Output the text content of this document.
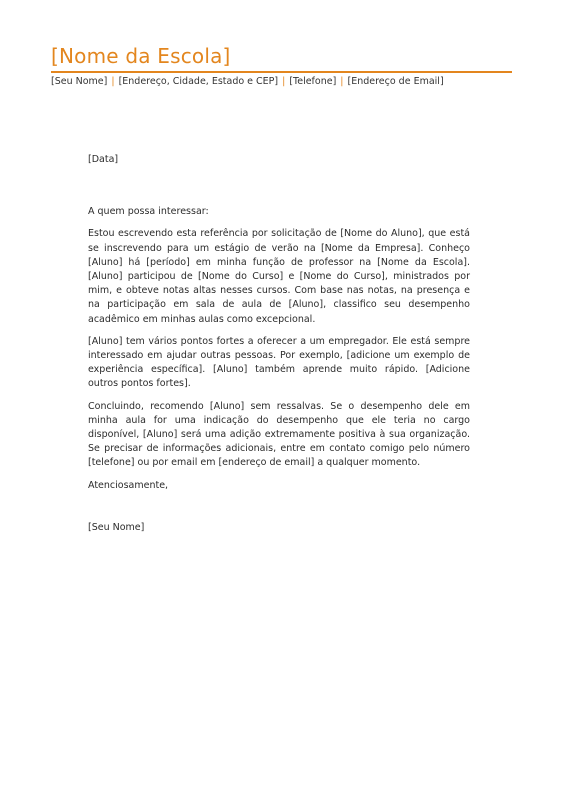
[Nome da Escola]
[Seu Nome] | [Endereço, Cidade, Estado e CEP] | [Telefone] | [Endereço de Email]

[Data]

A quem possa interessar:

Estou escrevendo esta referência por solicitação de [Nome do Aluno], que está se inscrevendo para um estágio de verão na [Nome da Empresa]. Conheço [Aluno] há [período] em minha função de professor na [Nome da Escola]. [Aluno] participou de [Nome do Curso] e [Nome do Curso], ministrados por mim, e obteve notas altas nesses cursos. Com base nas notas, na presença e na participação em sala de aula de [Aluno], classifico seu desempenho acadêmico em minhas aulas como excepcional.

[Aluno] tem vários pontos fortes a oferecer a um empregador. Ele está sempre interessado em ajudar outras pessoas. Por exemplo, [adicione um exemplo de experiência específica]. [Aluno] também aprende muito rápido. [Adicione outros pontos fortes].

Concluindo, recomendo [Aluno] sem ressalvas. Se o desempenho dele em minha aula for uma indicação do desempenho que ele teria no cargo disponível, [Aluno] será uma adição extremamente positiva à sua organização. Se precisar de informações adicionais, entre em contato comigo pelo número [telefone] ou por email em [endereço de email] a qualquer momento.

Atenciosamente,

[Seu Nome]
